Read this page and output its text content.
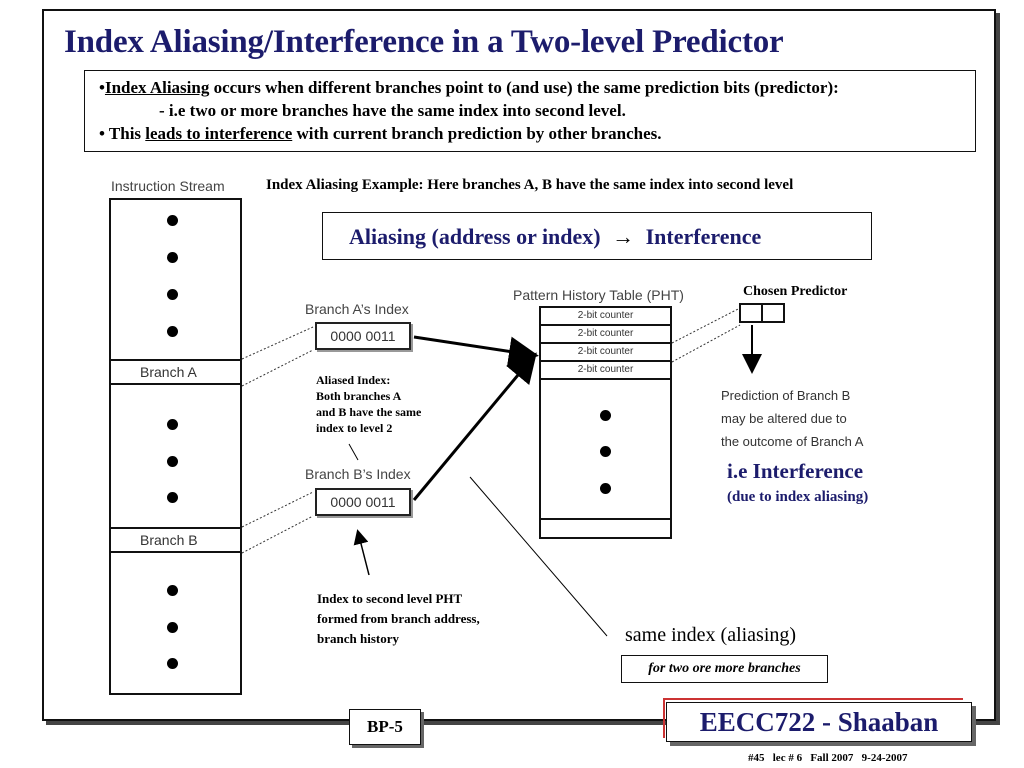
Index Aliasing/Interference in a Two-level Predictor
•Index Aliasing occurs when different branches point to (and use) the same prediction bits (predictor):
- i.e two or more branches have the same index into second level.
• This leads to interference with current branch prediction by other branches.
Instruction Stream
Branch A
Branch B
Index Aliasing Example: Here branches A, B have the same index into second level
Aliasing (address or index) → Interference
Branch A’s Index
0000 0011
Aliased Index:
Both branches A
and B have the same
index to level 2
Branch B’s Index
0000 0011
Index to second level PHT
formed from branch address,
branch history
Pattern History Table (PHT)
2-bit counter
2-bit counter
2-bit counter
2-bit counter
Chosen Predictor
Prediction of Branch B
may be altered due to
the outcome of Branch A
i.e Interference
(due to index aliasing)
same index (aliasing)
for two ore more branches
BP-5	EECC722 - Shaaban
#45   lec # 6   Fall 2007   9-24-2007
